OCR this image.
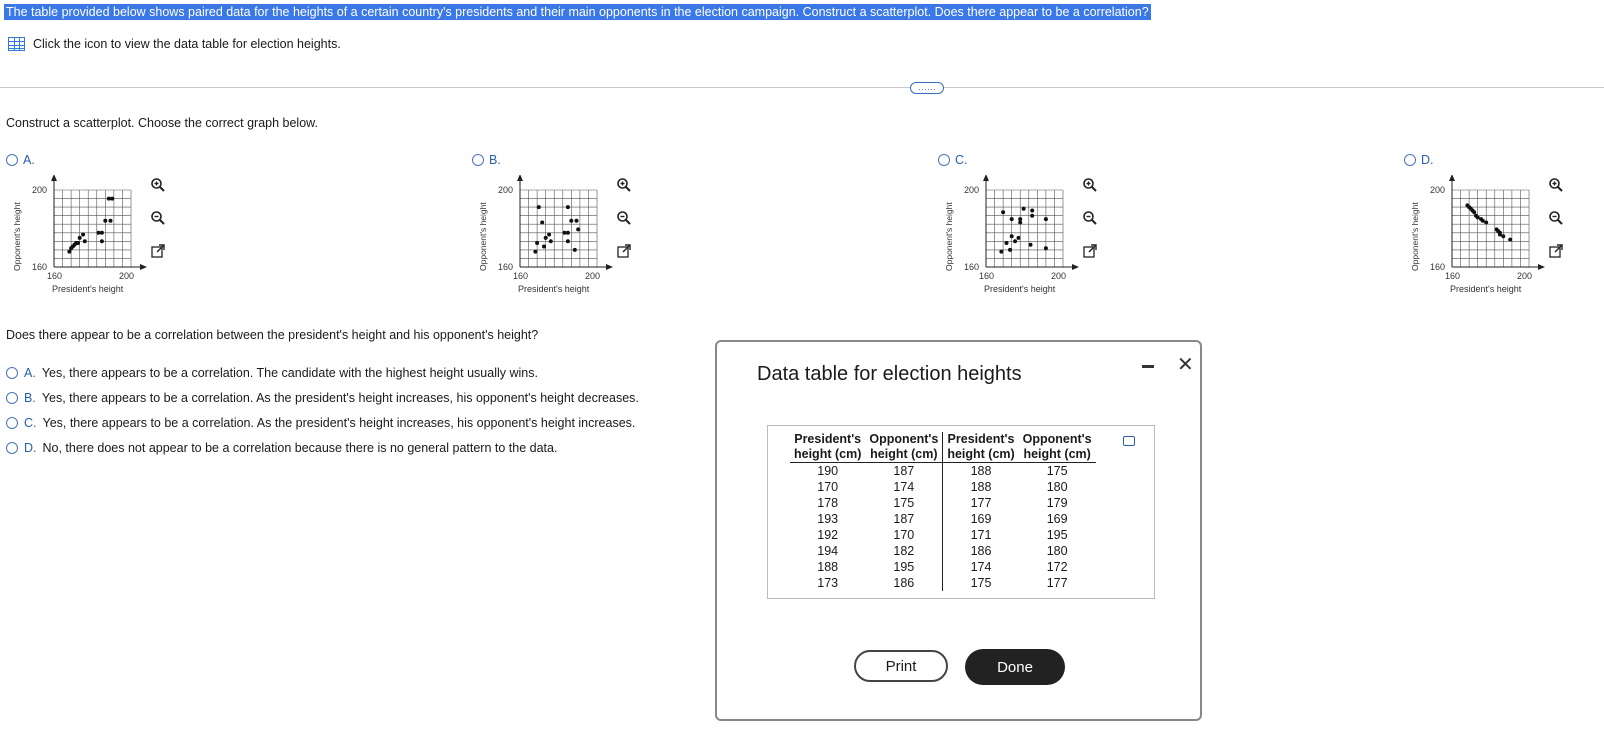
The table provided below shows paired data for the heights of a certain country's presidents and their main opponents in the election campaign. Construct a scatterplot. Does there appear to be a correlation?
Click the icon to view the data table for election heights.
……
Construct a scatterplot. Choose the correct graph below.
A.	B.	C.	D.
Does there appear to be a correlation between the president's height and his opponent's height?
A. Yes, there appears to be a correlation. The candidate with the highest height usually wins.
B. Yes, there appears to be a correlation. As the president's height increases, his opponent's height decreases.
C. Yes, there appears to be a correlation. As the president's height increases, his opponent's height increases.
D. No, there does not appear to be a correlation because there is no general pattern to the data.
Data table for election heights	✕
President's	Opponent's	President's	Opponent's
height (cm)	height (cm)	height (cm)	height (cm)
190	187	188	175
170	174	188	180
178	175	177	179
193	187	169	169
192	170	171	195
194	182	186	180
188	195	174	172
173	186	175	177
Print	Done
200
160
160	200
President's height
Opponent's height
200
160
160	200
President's height
Opponent's height
200
160
160	200
President's height
Opponent's height
200
160
160	200
President's height
Opponent's height
